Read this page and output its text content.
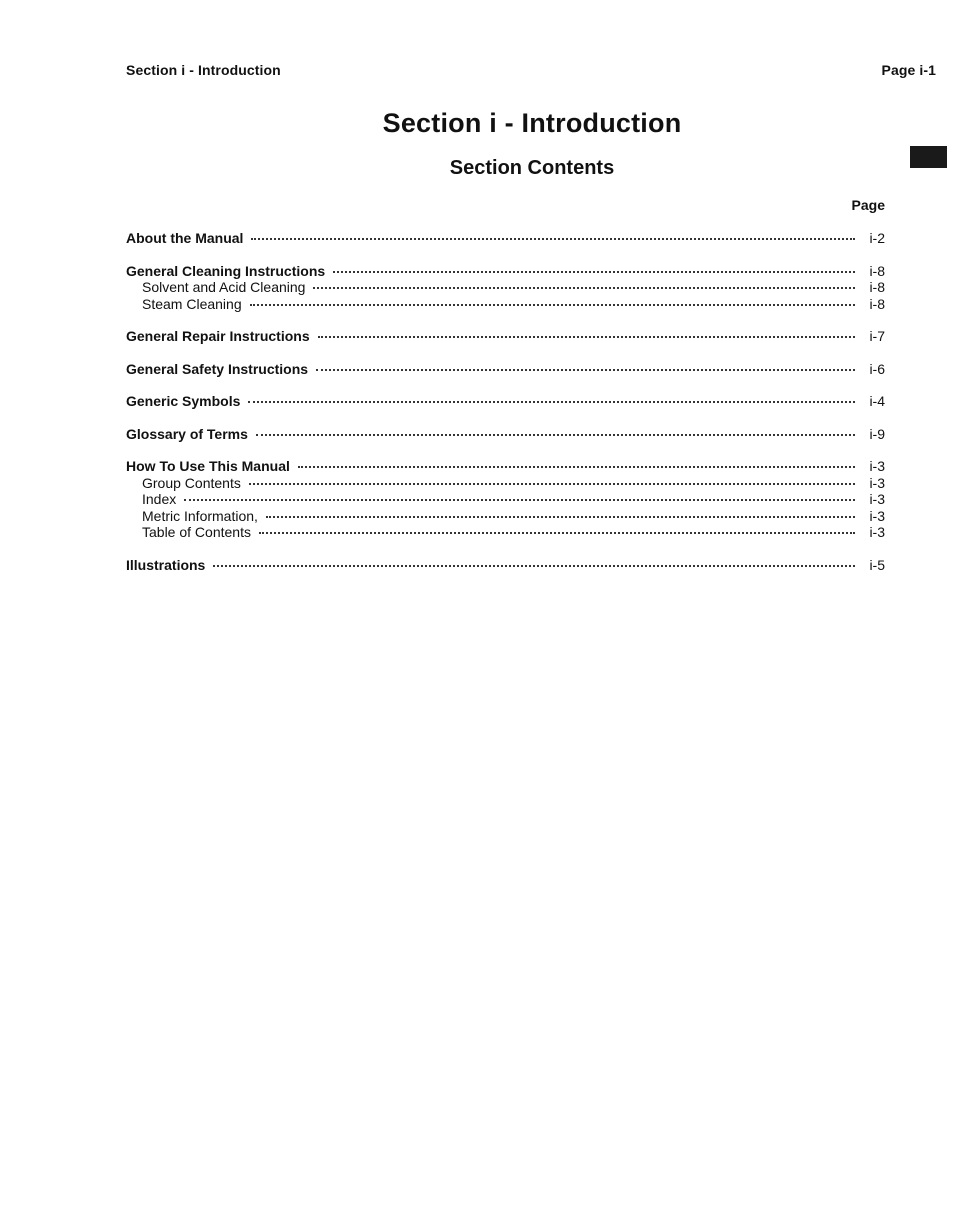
Section i - Introduction	Page i-1
Section i - Introduction
Section Contents
Page
About the Manual	i-2
General Cleaning Instructions	i-8
Solvent and Acid Cleaning	i-8
Steam Cleaning	i-8
General Repair Instructions	i-7
General Safety Instructions	i-6
Generic Symbols	i-4
Glossary of Terms	i-9
How To Use This Manual	i-3
Group Contents	i-3
Index	i-3
Metric Information,	i-3
Table of Contents	i-3
Illustrations	i-5
